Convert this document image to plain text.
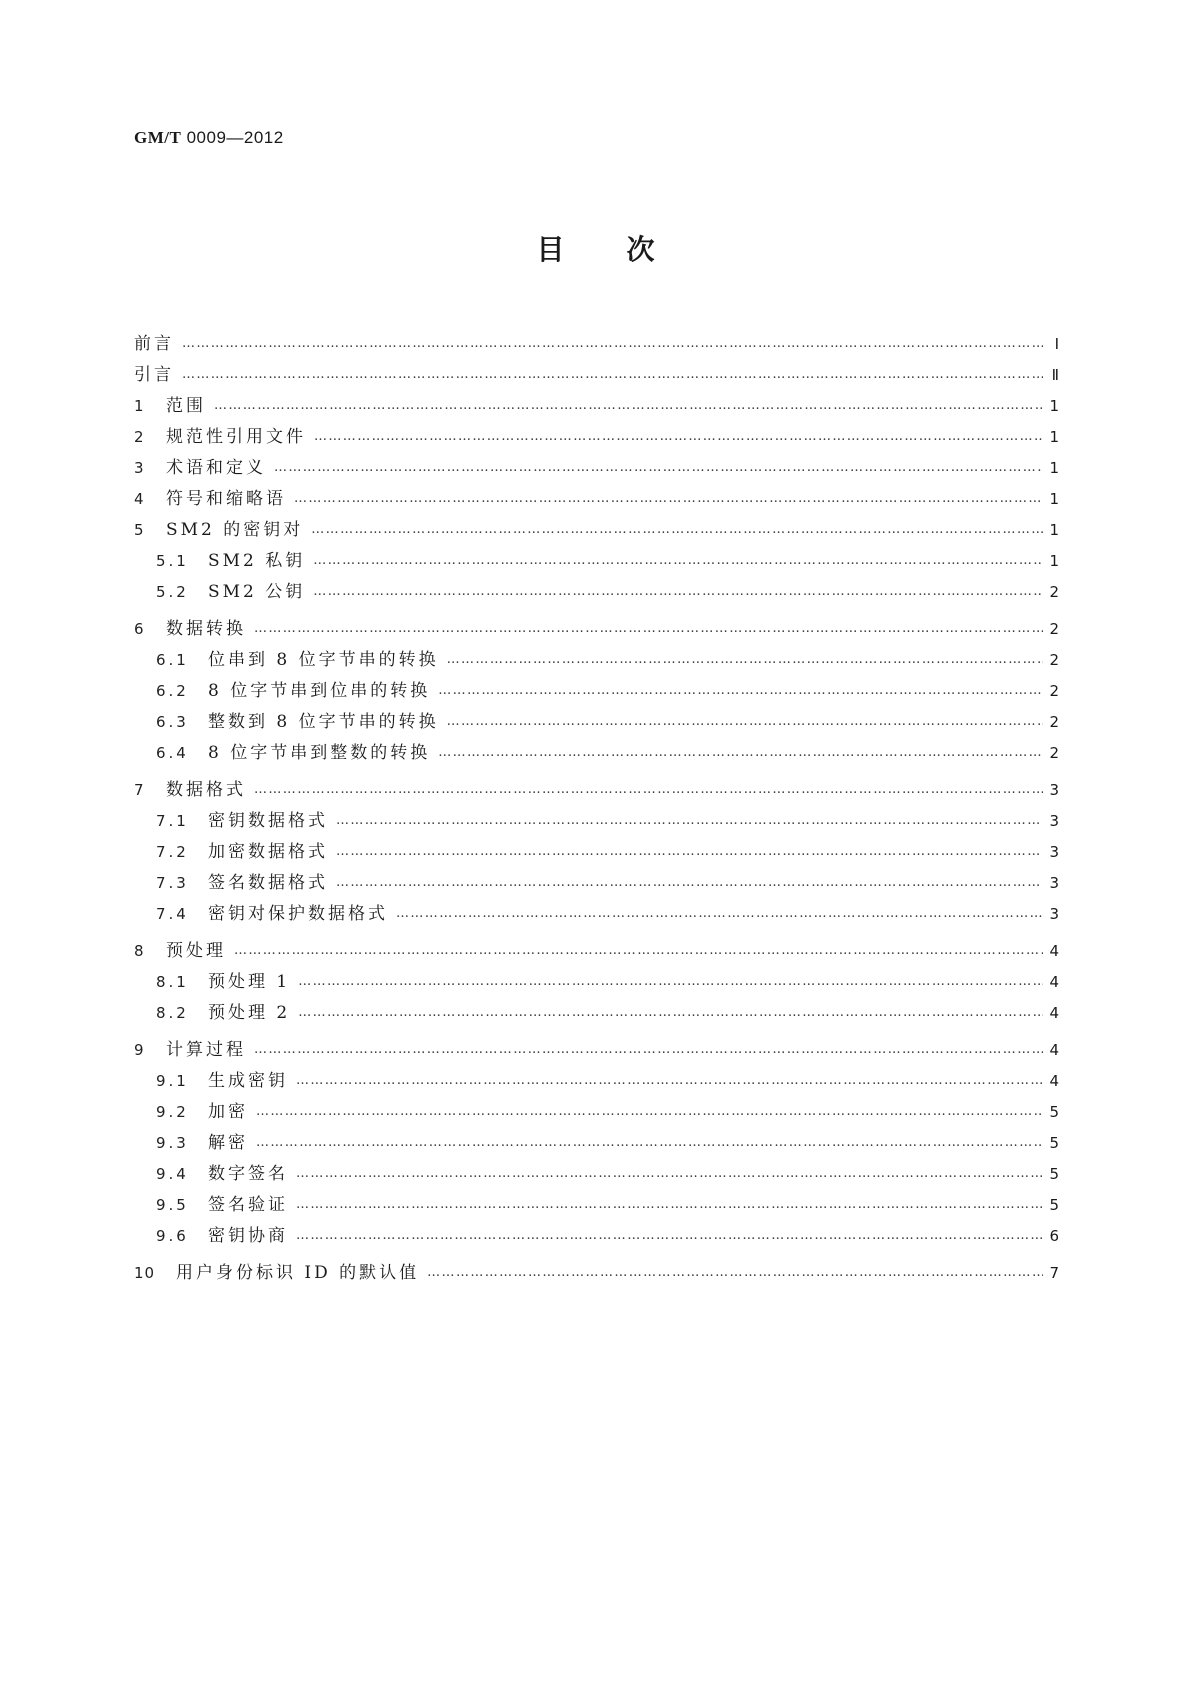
GM/T 0009—2012
目次
前言 ……………………………………………………………………………………………………………………………………………………………………………………………………	Ⅰ
引言 ……………………………………………………………………………………………………………………………………………………………………………………………………	Ⅱ
1	范围 ……………………………………………………………………………………………………………………………………………………………………………………………………	1
2	规范性引用文件 ……………………………………………………………………………………………………………………………………………………………………………………………………	1
3	术语和定义 ……………………………………………………………………………………………………………………………………………………………………………………………………	1
4	符号和缩略语 ……………………………………………………………………………………………………………………………………………………………………………………………………	1
5	SM2 的密钥对 ……………………………………………………………………………………………………………………………………………………………………………………………………	1
5.1	SM2 私钥 ……………………………………………………………………………………………………………………………………………………………………………………………………	1
5.2	SM2 公钥 ……………………………………………………………………………………………………………………………………………………………………………………………………	2
6	数据转换 ……………………………………………………………………………………………………………………………………………………………………………………………………	2
6.1	位串到 8 位字节串的转换 ……………………………………………………………………………………………………………………………………………………………………………………………………	2
6.2	8 位字节串到位串的转换 ……………………………………………………………………………………………………………………………………………………………………………………………………	2
6.3	整数到 8 位字节串的转换 ……………………………………………………………………………………………………………………………………………………………………………………………………	2
6.4	8 位字节串到整数的转换 ……………………………………………………………………………………………………………………………………………………………………………………………………	2
7	数据格式 ……………………………………………………………………………………………………………………………………………………………………………………………………	3
7.1	密钥数据格式 ……………………………………………………………………………………………………………………………………………………………………………………………………	3
7.2	加密数据格式 ……………………………………………………………………………………………………………………………………………………………………………………………………	3
7.3	签名数据格式 ……………………………………………………………………………………………………………………………………………………………………………………………………	3
7.4	密钥对保护数据格式 ……………………………………………………………………………………………………………………………………………………………………………………………………	3
8	预处理 ……………………………………………………………………………………………………………………………………………………………………………………………………	4
8.1	预处理 1 ……………………………………………………………………………………………………………………………………………………………………………………………………	4
8.2	预处理 2 ……………………………………………………………………………………………………………………………………………………………………………………………………	4
9	计算过程 ……………………………………………………………………………………………………………………………………………………………………………………………………	4
9.1	生成密钥 ……………………………………………………………………………………………………………………………………………………………………………………………………	4
9.2	加密 ……………………………………………………………………………………………………………………………………………………………………………………………………	5
9.3	解密 ……………………………………………………………………………………………………………………………………………………………………………………………………	5
9.4	数字签名 ……………………………………………………………………………………………………………………………………………………………………………………………………	5
9.5	签名验证 ……………………………………………………………………………………………………………………………………………………………………………………………………	5
9.6	密钥协商 ……………………………………………………………………………………………………………………………………………………………………………………………………	6
10	用户身份标识 ID 的默认值 ……………………………………………………………………………………………………………………………………………………………………………………………………	7
